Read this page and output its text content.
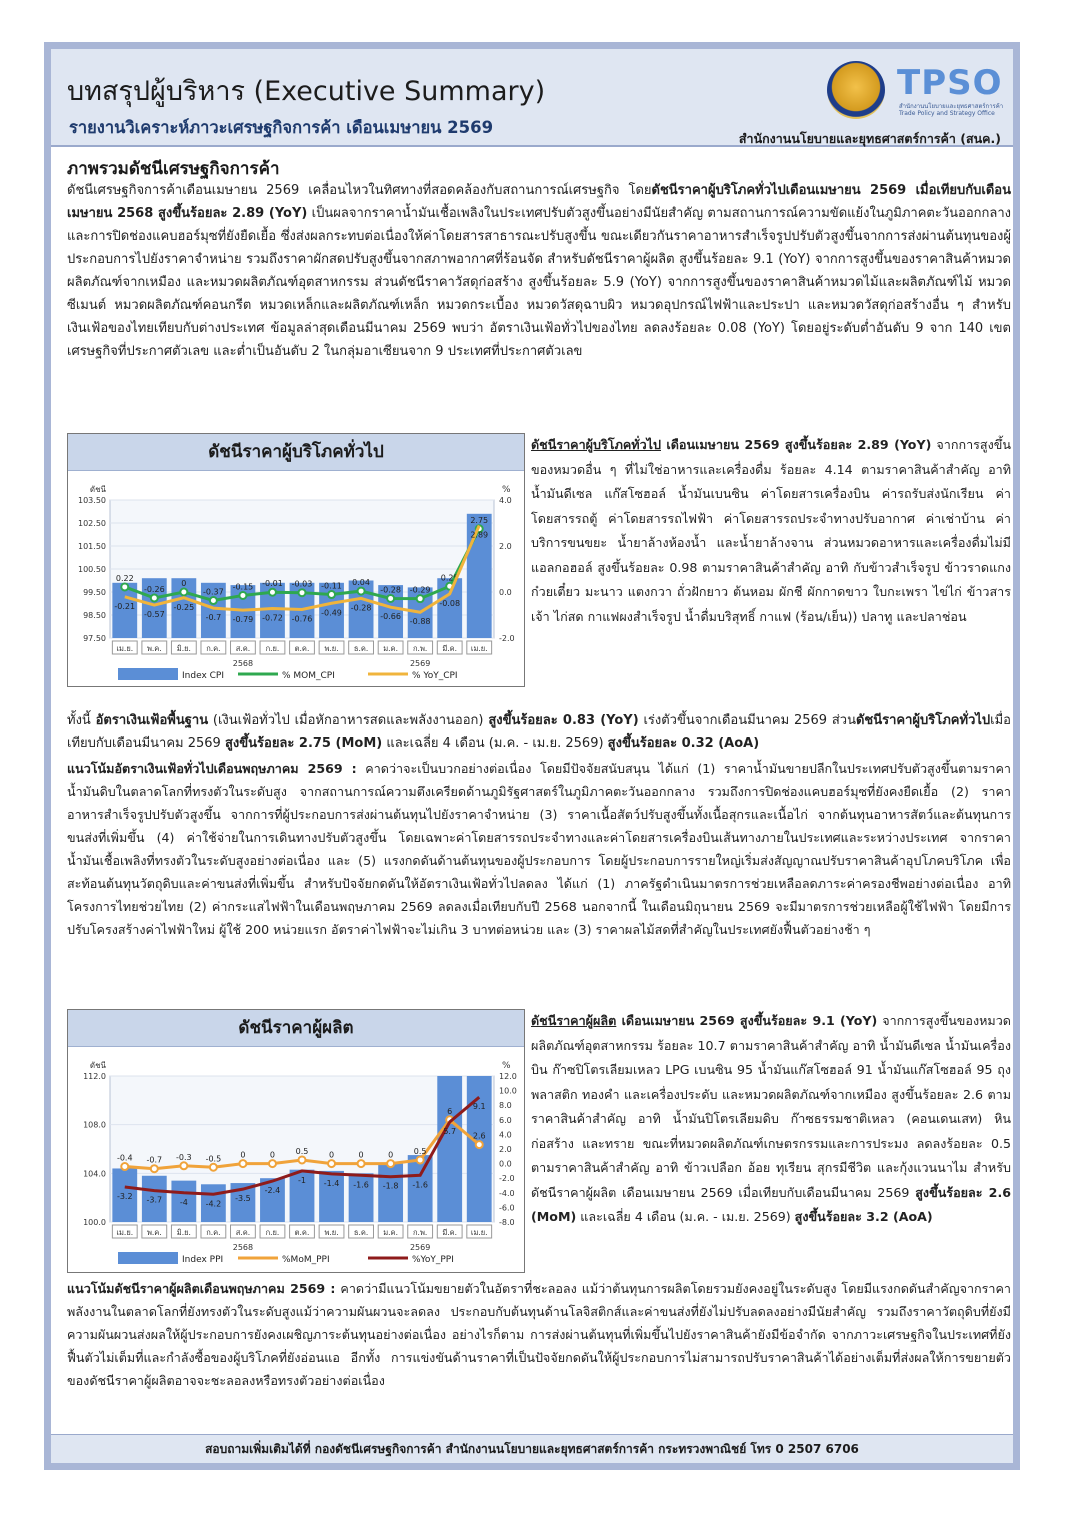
บทสรุปผู้บริหาร (Executive Summary)
รายงานวิเคราะห์ภาวะเศรษฐกิจการค้า เดือนเมษายน 2569
TPSO
สำนักงานนโยบายและยุทธศาสตร์การค้า Trade Policy and Strategy Office
สำนักงานนโยบายและยุทธศาสตร์การค้า (สนค.)
ภาพรวมดัชนีเศรษฐกิจการค้า
ดัชนีเศรษฐกิจการค้าเดือนเมษายน 2569 เคลื่อนไหวในทิศทางที่สอดคล้องกับสถานการณ์เศรษฐกิจ โดยดัชนีราคาผู้บริโภคทั่วไปเดือนเมษายน 2569 เมื่อเทียบกับเดือนเมษายน 2568 สูงขึ้นร้อยละ 2.89 (YoY) เป็นผลจากราคาน้ำมันเชื้อเพลิงในประเทศปรับตัวสูงขึ้นอย่างมีนัยสำคัญ ตามสถานการณ์ความขัดแย้งในภูมิภาคตะวันออกกลาง และการปิดช่องแคบฮอร์มุซที่ยังยืดเยื้อ ซึ่งส่งผลกระทบต่อเนื่องให้ค่าโดยสารสาธารณะปรับสูงขึ้น ขณะเดียวกันราคาอาหารสำเร็จรูปปรับตัวสูงขึ้นจากการส่งผ่านต้นทุนของผู้ประกอบการไปยังราคาจำหน่าย รวมถึงราคาผักสดปรับสูงขึ้นจากสภาพอากาศที่ร้อนจัด สำหรับดัชนีราคาผู้ผลิต สูงขึ้นร้อยละ 9.1 (YoY) จากการสูงขึ้นของราคาสินค้าหมวดผลิตภัณฑ์จากเหมือง และหมวดผลิตภัณฑ์อุตสาหกรรม ส่วนดัชนีราคาวัสดุก่อสร้าง สูงขึ้นร้อยละ 5.9 (YoY) จากการสูงขึ้นของราคาสินค้าหมวดไม้และผลิตภัณฑ์ไม้ หมวดซีเมนต์ หมวดผลิตภัณฑ์คอนกรีต หมวดเหล็กและผลิตภัณฑ์เหล็ก หมวดกระเบื้อง หมวดวัสดุฉาบผิว หมวดอุปกรณ์ไฟฟ้าและประปา และหมวดวัสดุก่อสร้างอื่น ๆ สำหรับเงินเฟ้อของไทยเทียบกับต่างประเทศ ข้อมูลล่าสุดเดือนมีนาคม 2569 พบว่า อัตราเงินเฟ้อทั่วไปของไทย ลดลงร้อยละ 0.08 (YoY) โดยอยู่ระดับต่ำอันดับ 9 จาก 140 เขตเศรษฐกิจที่ประกาศตัวเลข และต่ำเป็นอันดับ 2 ในกลุ่มอาเซียนจาก 9 ประเทศที่ประกาศตัวเลข
ดัชนีราคาผู้บริโภคทั่วไป
ดัชนี	%
103.50
102.50
101.50
100.50
99.50
98.50
97.50
4.0
2.0
0.0
-2.0
0.22
-0.26
0
-0.37
-0.15 -0.01 -0.03 -0.11 0.04
-0.28 -0.29
0.25
2.75
-0.21
-0.57
-0.25
-0.7 -0.79 -0.72 -0.76
-0.49
-0.28
-0.66
-0.88
-0.08
2.89
เม.ย. พ.ค. มิ.ย. ก.ค. ส.ค. ก.ย. ต.ค. พ.ย. ธ.ค. ม.ค. ก.พ. มี.ค. เม.ย.
2568	2569
Index CPI	% MOM_CPI	% YoY_CPI
ดัชนีราคาผู้บริโภคทั่วไป เดือนเมษายน 2569 สูงขึ้นร้อยละ 2.89 (YoY) จากการสูงขึ้นของหมวดอื่น ๆ ที่ไม่ใช่อาหารและเครื่องดื่ม ร้อยละ 4.14 ตามราคาสินค้าสำคัญ อาทิ น้ำมันดีเซล แก๊สโซฮอล์ น้ำมันเบนซิน ค่าโดยสารเครื่องบิน ค่ารถรับส่งนักเรียน ค่าโดยสารรถตู้ ค่าโดยสารรถไฟฟ้า ค่าโดยสารรถประจำทางปรับอากาศ ค่าเช่าบ้าน ค่าบริการขนขยะ น้ำยาล้างห้องน้ำ และน้ำยาล้างจาน ส่วนหมวดอาหารและเครื่องดื่มไม่มีแอลกอฮอล์ สูงขึ้นร้อยละ 0.98 ตามราคาสินค้าสำคัญ อาทิ กับข้าวสำเร็จรูป ข้าวราดแกง ก๋วยเตี๋ยว มะนาว แตงกวา ถั่วฝักยาว ต้นหอม ผักชี ผักกาดขาว ใบกะเพรา ไข่ไก่ ข้าวสารเจ้า ไก่สด กาแฟผงสำเร็จรูป น้ำดื่มบริสุทธิ์ กาแฟ (ร้อน/เย็น)) ปลาทู และปลาช่อน
ทั้งนี้ อัตราเงินเฟ้อพื้นฐาน (เงินเฟ้อทั่วไป เมื่อหักอาหารสดและพลังงานออก) สูงขึ้นร้อยละ 0.83 (YoY) เร่งตัวขึ้นจากเดือนมีนาคม 2569 ส่วนดัชนีราคาผู้บริโภคทั่วไปเมื่อเทียบกับเดือนมีนาคม 2569 สูงขึ้นร้อยละ 2.75 (MoM) และเฉลี่ย 4 เดือน (ม.ค. - เม.ย. 2569) สูงขึ้นร้อยละ 0.32 (AoA)
แนวโน้มอัตราเงินเฟ้อทั่วไปเดือนพฤษภาคม 2569 : คาดว่าจะเป็นบวกอย่างต่อเนื่อง โดยมีปัจจัยสนับสนุน ได้แก่ (1) ราคาน้ำมันขายปลีกในประเทศปรับตัวสูงขึ้นตามราคาน้ำมันดิบในตลาดโลกที่ทรงตัวในระดับสูง จากสถานการณ์ความตึงเครียดด้านภูมิรัฐศาสตร์ในภูมิภาคตะวันออกกลาง รวมถึงการปิดช่องแคบฮอร์มุซที่ยังคงยืดเยื้อ (2) ราคาอาหารสำเร็จรูปปรับตัวสูงขึ้น จากการที่ผู้ประกอบการส่งผ่านต้นทุนไปยังราคาจำหน่าย (3) ราคาเนื้อสัตว์ปรับสูงขึ้นทั้งเนื้อสุกรและเนื้อไก่ จากต้นทุนอาหารสัตว์และต้นทุนการขนส่งที่เพิ่มขึ้น (4) ค่าใช้จ่ายในการเดินทางปรับตัวสูงขึ้น โดยเฉพาะค่าโดยสารรถประจำทางและค่าโดยสารเครื่องบินเส้นทางภายในประเทศและระหว่างประเทศ จากราคาน้ำมันเชื้อเพลิงที่ทรงตัวในระดับสูงอย่างต่อเนื่อง และ (5) แรงกดดันด้านต้นทุนของผู้ประกอบการ โดยผู้ประกอบการรายใหญ่เริ่มส่งสัญญาณปรับราคาสินค้าอุปโภคบริโภค เพื่อสะท้อนต้นทุนวัตถุดิบและค่าขนส่งที่เพิ่มขึ้น สำหรับปัจจัยกดดันให้อัตราเงินเฟ้อทั่วไปลดลง ได้แก่ (1) ภาครัฐดำเนินมาตรการช่วยเหลือลดภาระค่าครองชีพอย่างต่อเนื่อง อาทิ โครงการไทยช่วยไทย (2) ค่ากระแสไฟฟ้าในเดือนพฤษภาคม 2569 ลดลงเมื่อเทียบกับปี 2568 นอกจากนี้ ในเดือนมิถุนายน 2569 จะมีมาตรการช่วยเหลือผู้ใช้ไฟฟ้า โดยมีการปรับโครงสร้างค่าไฟฟ้าใหม่ ผู้ใช้ 200 หน่วยแรก อัตราค่าไฟฟ้าจะไม่เกิน 3 บาทต่อหน่วย และ (3) ราคาผลไม้สดที่สำคัญในประเทศยังฟื้นตัวอย่างช้า ๆ
ดัชนีราคาผู้ผลิต
ดัชนี	%
112.0
108.0
104.0
100.0
12.0
10.0
8.0
6.0
4.0
2.0
0.0
-2.0
-4.0
-6.0
-8.0
-0.4 -0.7 -0.3 -0.5 0	0	0.5	0	0	0	0.5
6
2.6
-3.2 -3.7 -4 -4.2
-3.5
-2.4
-1 -1.4 -1.6 -1.8 -1.6
5.7
9.1
เม.ย. พ.ค. มิ.ย. ก.ค. ส.ค. ก.ย. ต.ค. พ.ย. ธ.ค. ม.ค. ก.พ. มี.ค. เม.ย.
2568	2569
Index PPI	%MoM_PPI	%YoY_PPI
ดัชนีราคาผู้ผลิต เดือนเมษายน 2569 สูงขึ้นร้อยละ 9.1 (YoY) จากการสูงขึ้นของหมวดผลิตภัณฑ์อุตสาหกรรม ร้อยละ 10.7 ตามราคาสินค้าสำคัญ อาทิ น้ำมันดีเซล น้ำมันเครื่องบิน ก๊าซปิโตรเลียมเหลว LPG เบนซิน 95 น้ำมันแก๊สโซฮอล์ 91 น้ำมันแก๊สโซฮอล์ 95 ถุงพลาสติก ทองคำ และเครื่องประดับ และหมวดผลิตภัณฑ์จากเหมือง สูงขึ้นร้อยละ 2.6 ตามราคาสินค้าสำคัญ อาทิ น้ำมันปิโตรเลียมดิบ ก๊าซธรรมชาติเหลว (คอนเดนเสท) หินก่อสร้าง และทราย ขณะที่หมวดผลิตภัณฑ์เกษตรกรรมและการประมง ลดลงร้อยละ 0.5 ตามราคาสินค้าสำคัญ อาทิ ข้าวเปลือก อ้อย ทุเรียน สุกรมีชีวิต และกุ้งแวนนาไม สำหรับดัชนีราคาผู้ผลิต เดือนเมษายน 2569 เมื่อเทียบกับเดือนมีนาคม 2569 สูงขึ้นร้อยละ 2.6 (MoM) และเฉลี่ย 4 เดือน (ม.ค. - เม.ย. 2569) สูงขึ้นร้อยละ 3.2 (AoA)
แนวโน้มดัชนีราคาผู้ผลิตเดือนพฤษภาคม 2569 : คาดว่ามีแนวโน้มขยายตัวในอัตราที่ชะลอลง แม้ว่าต้นทุนการผลิตโดยรวมยังคงอยู่ในระดับสูง โดยมีแรงกดดันสำคัญจากราคาพลังงานในตลาดโลกที่ยังทรงตัวในระดับสูงแม้ว่าความผันผวนจะลดลง ประกอบกับต้นทุนด้านโลจิสติกส์และค่าขนส่งที่ยังไม่ปรับลดลงอย่างมีนัยสำคัญ รวมถึงราคาวัตถุดิบที่ยังมีความผันผวนส่งผลให้ผู้ประกอบการยังคงเผชิญภาระต้นทุนอย่างต่อเนื่อง อย่างไรก็ตาม การส่งผ่านต้นทุนที่เพิ่มขึ้นไปยังราคาสินค้ายังมีข้อจำกัด จากภาวะเศรษฐกิจในประเทศที่ยังฟื้นตัวไม่เต็มที่และกำลังซื้อของผู้บริโภคที่ยังอ่อนแอ อีกทั้ง การแข่งขันด้านราคาที่เป็นปัจจัยกดดันให้ผู้ประกอบการไม่สามารถปรับราคาสินค้าได้อย่างเต็มที่ส่งผลให้การขยายตัวของดัชนีราคาผู้ผลิตอาจจะชะลอลงหรือทรงตัวอย่างต่อเนื่อง
สอบถามเพิ่มเติมได้ที่ กองดัชนีเศรษฐกิจการค้า สำนักงานนโยบายและยุทธศาสตร์การค้า กระทรวงพาณิชย์ โทร 0 2507 6706
